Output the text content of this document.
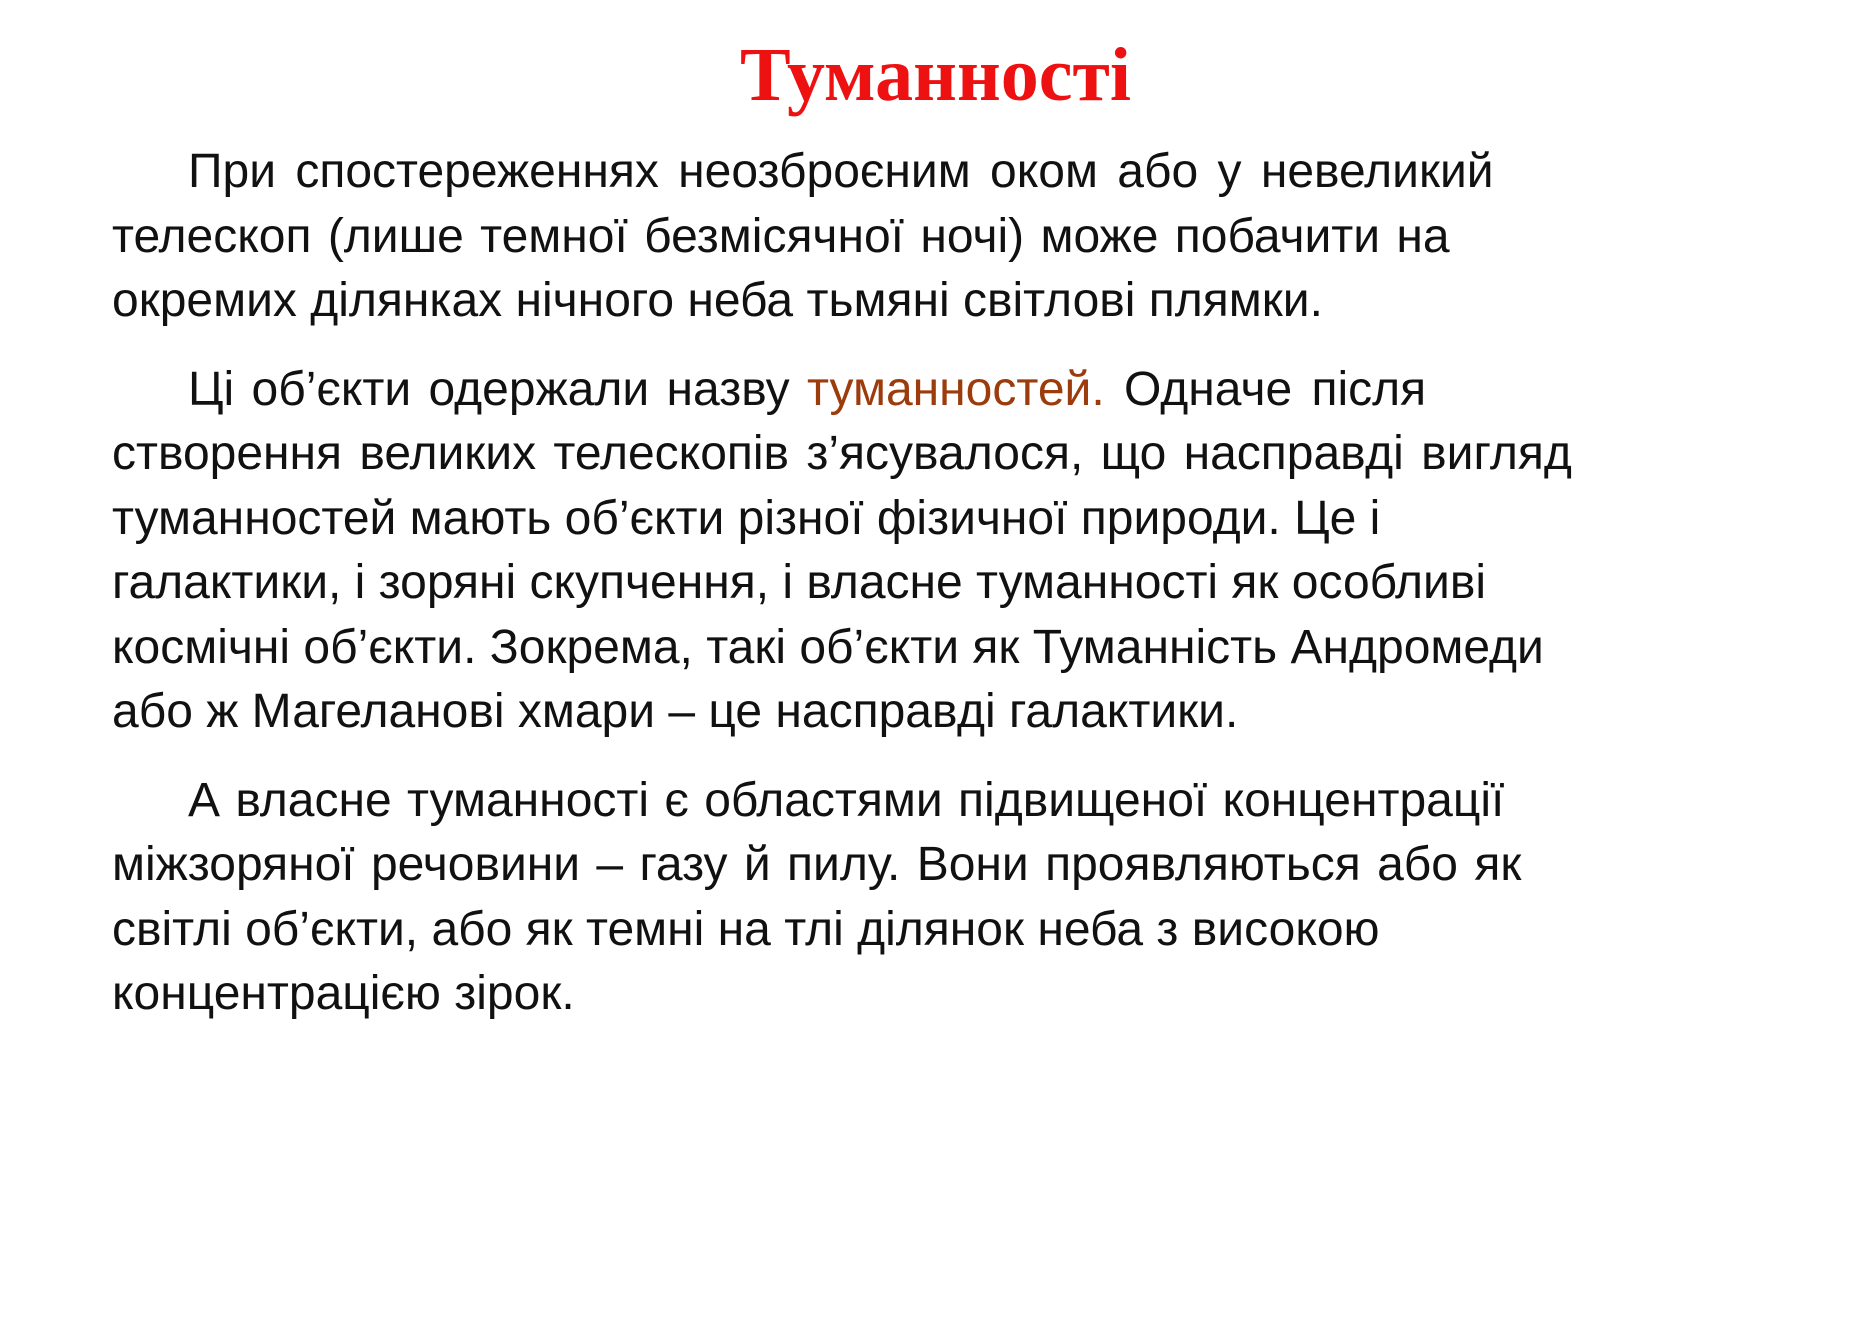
Туманності

При спостереженнях неозброєним оком або у невеликий
телескоп (лише темної безмісячної ночі) може побачити на
окремих ділянках нічного неба тьмяні світлові плямки.

Ці об’єкти одержали назву туманностей. Одначе після
створення великих телескопів з’ясувалося, що насправді вигляд
туманностей мають об’єкти різної фізичної природи. Це і
галактики, і зоряні скупчення, і власне туманності як особливі
космічні об’єкти. Зокрема, такі об’єкти як Туманність Андромеди
або ж Магеланові хмари – це насправді галактики.

А власне туманності є областями підвищеної концентрації
міжзоряної речовини – газу й пилу. Вони проявляються або як
світлі об’єкти, або як темні на тлі ділянок неба з високою
концентрацією зірок.
